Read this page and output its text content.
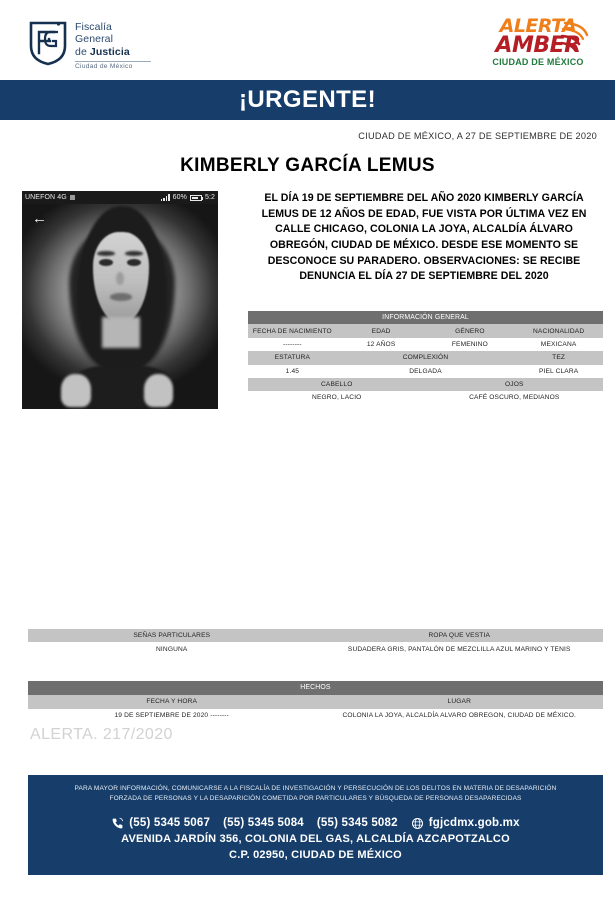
Fiscalía
General
de Justicia
Ciudad de México
ALERTA
AMBER
CIUDAD DE MÉXICO
¡URGENTE!
CIUDAD DE MÉXICO, A 27 DE SEPTIEMBRE DE 2020
KIMBERLY GARCÍA LEMUS
UNEFON 4G	60%	5:2
←
EL DÍA 19 DE SEPTIEMBRE DEL AÑO 2020 KIMBERLY GARCÍA LEMUS DE 12 AÑOS DE EDAD, FUE VISTA POR ÚLTIMA VEZ EN CALLE CHICAGO, COLONIA LA JOYA, ALCALDÍA ÁLVARO OBREGÓN, CIUDAD DE MÉXICO. DESDE ESE MOMENTO SE DESCONOCE SU PARADERO. OBSERVACIONES: SE RECIBE DENUNCIA EL DÍA 27 DE SEPTIEMBRE DEL 2020
INFORMACIÓN GENERAL			
FECHA DE NACIMIENTO	EDAD	GÉNERO	NACIONALIDAD
--------	12 AÑOS	FEMENINO	MEXICANA
ESTATURA	COMPLEXIÓN		TEZ
1.45	DELGADA		PIEL CLARA
CABELLO		OJOS	
NEGRO, LACIO		CAFÉ OSCURO, MEDIANOS	
SEÑAS PARTICULARES	ROPA QUE VESTIA
NINGUNA	SUDADERA GRIS, PANTALÓN DE MEZCLILLA AZUL MARINO Y TENIS
HECHOS	
FECHA Y HORA	LUGAR
19 DE SEPTIEMBRE DE 2020 --------	COLONIA LA JOYA, ALCALDÍA ALVARO OBREGON, CIUDAD DE MÉXICO.
ALERTA. 217/2020
PARA MAYOR INFORMACIÓN, COMUNICARSE A LA FISCALÍA DE INVESTIGACIÓN Y PERSECUCIÓN DE LOS DELITOS EN MATERIA DE DESAPARICIÓN
FORZADA DE PERSONAS Y LA DESAPARICIÓN COMETIDA POR PARTICULARES Y BÚSQUEDA DE PERSONAS DESAPARECIDAS
(55) 5345 5067 (55) 5345 5084 (55) 5345 5082	fgjcdmx.gob.mx
AVENIDA JARDÍN 356, COLONIA DEL GAS, ALCALDÍA AZCAPOTZALCO
C.P. 02950, CIUDAD DE MÉXICO
